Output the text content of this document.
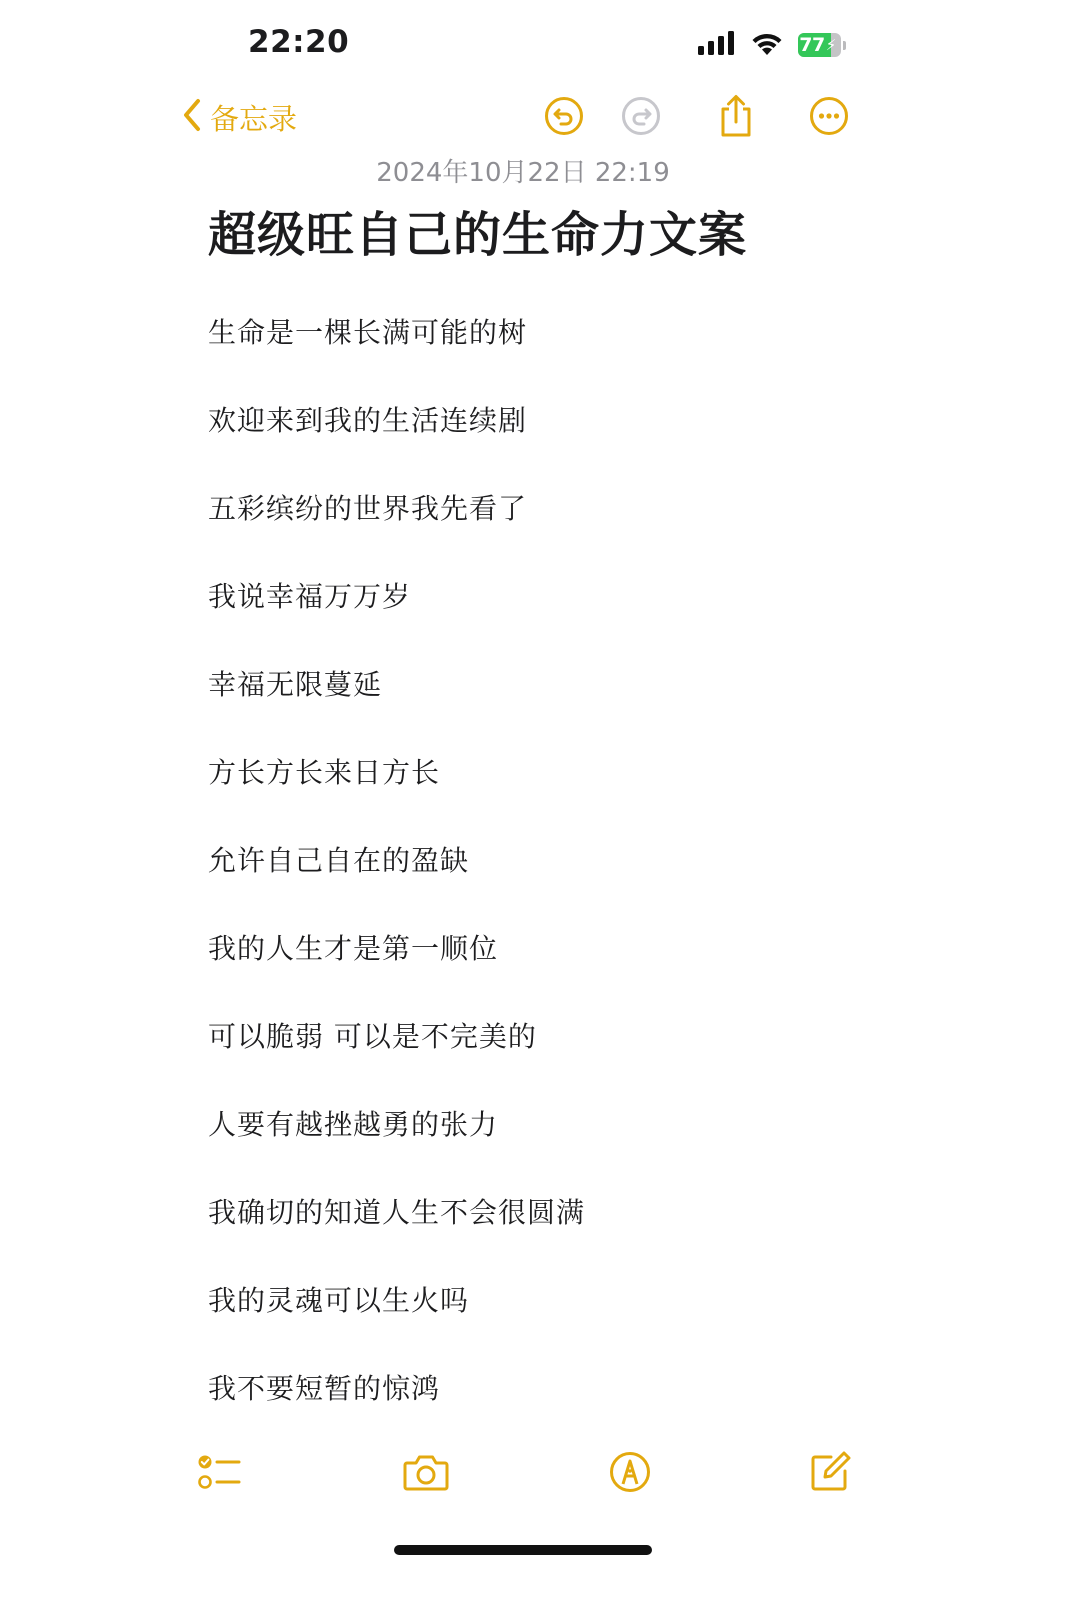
22:20	77 ⚡
备忘录
2024年10月22日 22:19
超级旺自己的生命力文案
生命是一棵长满可能的树
欢迎来到我的生活连续剧
五彩缤纷的世界我先看了
我说幸福万万岁
幸福无限蔓延
方长方长来日方长
允许自己自在的盈缺
我的人生才是第一顺位
可以脆弱 可以是不完美的
人要有越挫越勇的张力
我确切的知道人生不会很圆满
我的灵魂可以生火吗
我不要短暂的惊鸿
